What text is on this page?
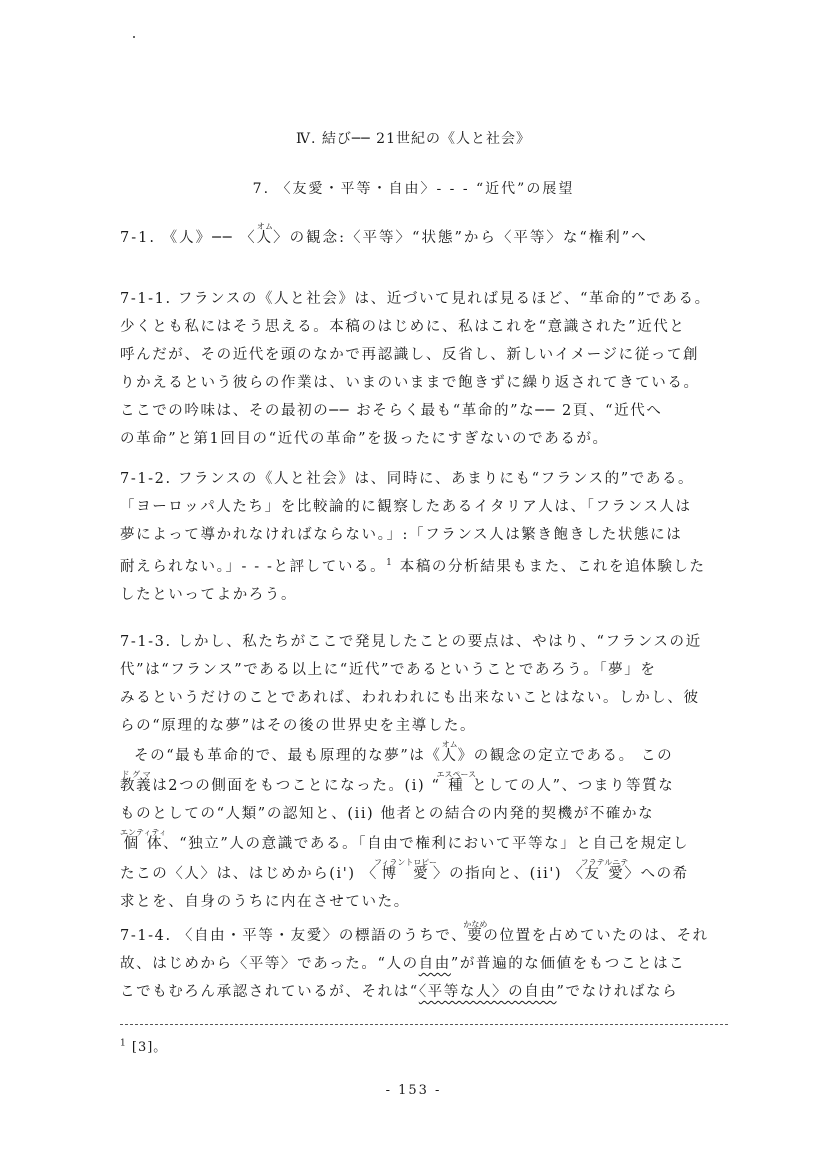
Ⅳ. 結び── 21世紀の《人と社会》
7. 〈友愛・平等・自由〉- - - “近代”の展望
7-1. 《人》── 〈人オム〉の観念:〈平等〉“状態”から〈平等〉な“権利”へ
7-1-1. フランスの《人と社会》は、近づいて見れば見るほど、“革命的”である。
少くとも私にはそう思える。本稿のはじめに、私はこれを“意識された”近代と
呼んだが、その近代を頭のなかで再認識し、反省し、新しいイメージに従って創
りかえるという彼らの作業は、いまのいままで飽きずに繰り返されてきている。
ここでの吟味は、その最初の── おそらく最も“革命的”な── 2頁、“近代へ
の革命”と第1回目の“近代の革命”を扱ったにすぎないのであるが。
7-1-2. フランスの《人と社会》は、同時に、あまりにも“フランス的”である。
「ヨーロッパ人たち」を比較論的に観察したあるイタリア人は、「フランス人は
夢によって導かれなければならない。」:「フランス人は繁き飽きした状態には
耐えられない。」- - -と評している。$^1$ 本稿の分析結果もまた、これを追体験した
したといってよかろう。
7-1-3. しかし、私たちがここで発見したことの要点は、やはり、“フランスの近
代”は“フランス”である以上に“近代”であるということであろう。「夢」を
みるというだけのことであれば、われわれにも出来ないことはない。しかし、彼
らの“原理的な夢”はその後の世界史を主導した。
その“最も革命的で、最も原理的な夢”は《人オム》の観念の定立である。 この
教義ドグマは2つの側面をもつことになった。(i) “種エスペースとしての人”、つまり等質な
ものとしての“人類”の認知と、(ii) 他者との結合の内発的契機が不確かな
個体エンティティ、“独立”人の意識である。「自由で権利において平等な」と自己を規定し
たこの〈人〉は、はじめから(i') 〈博愛フィラントロピー〉の指向と、(ii') 〈友愛フラテルニテ〉への希
求とを、自身のうちに内在させていた。
7-1-4. 〈自由・平等・友愛〉の標語のうちで、要かなめの位置を占めていたのは、それ
故、はじめから〈平等〉であった。“人の自由”が普遍的な価値をもつことはこ
こでもむろん承認されているが、それは“〈平等な人〉の自由”でなければなら
$^1$ [3]。
- 153 -
